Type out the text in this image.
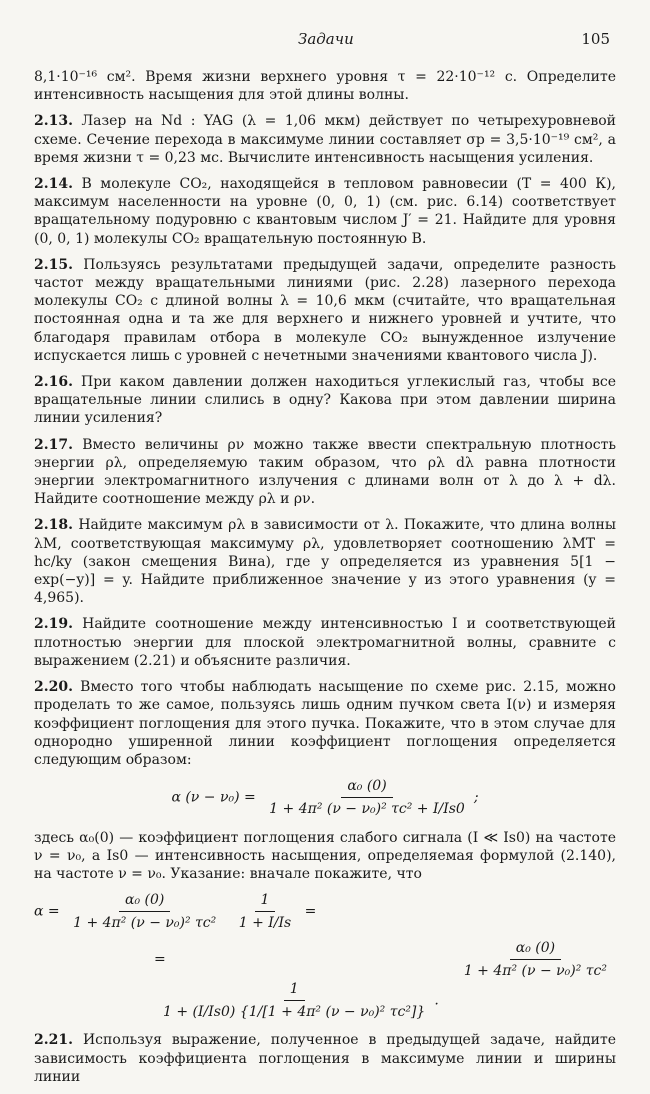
Задачи	105

8,1·10⁻¹⁶ см². Время жизни верхнего уровня τ = 22·10⁻¹² с. Определите интенсивность насыщения для этой длины волны.

2.13. Лазер на Nd : YAG (λ = 1,06 мкм) действует по четырехуровневой схеме. Сечение перехода в максимуме линии составляет σp = 3,5·10⁻¹⁹ см², а время жизни τ = 0,23 мс. Вычислите интенсивность насыщения усиления.

2.14. В молекуле CO₂, находящейся в тепловом равновесии (T = 400 К), максимум населенности на уровне (0, 0, 1) (см. рис. 6.14) соответствует вращательному подуровню с квантовым числом J′ = 21. Найдите для уровня (0, 0, 1) молекулы CO₂ вращательную постоянную B.

2.15. Пользуясь результатами предыдущей задачи, определите разность частот между вращательными линиями (рис. 2.28) лазерного перехода молекулы CO₂ с длиной волны λ = 10,6 мкм (считайте, что вращательная постоянная одна и та же для верхнего и нижнего уровней и учтите, что благодаря правилам отбора в молекуле CO₂ вынужденное излучение испускается лишь с уровней с нечетными значениями квантового числа J).

2.16. При каком давлении должен находиться углекислый газ, чтобы все вращательные линии слились в одну? Какова при этом давлении ширина линии усиления?

2.17. Вместо величины ρν можно также ввести спектральную плотность энергии ρλ, определяемую таким образом, что ρλ dλ равна плотности энергии электромагнитного излучения с длинами волн от λ до λ + dλ. Найдите соотношение между ρλ и ρν.

2.18. Найдите максимум ρλ в зависимости от λ. Покажите, что длина волны λM, соответствующая максимуму ρλ, удовлетворяет соотношению λMT = hc/ky (закон смещения Вина), где y определяется из уравнения 5[1 − exp(−y)] = y. Найдите приближенное значение y из этого уравнения (y = 4,965).

2.19. Найдите соотношение между интенсивностью I и соответствующей плотностью энергии для плоской электромагнитной волны, сравните с выражением (2.21) и объясните различия.

2.20. Вместо того чтобы наблюдать насыщение по схеме рис. 2.15, можно проделать то же самое, пользуясь лишь одним пучком света I(ν) и измеряя коэффициент поглощения для этого пучка. Покажите, что в этом случае для однородно уширенной линии коэффициент поглощения определяется следующим образом:

α $(\nu - \nu_0) = \frac{\text{α₀ (0)}}{\text{1 + 4π² (ν − ν₀)² τc² + I/Is0}}$ ;

здесь α₀(0) — коэффициент поглощения слабого сигнала (I ≪ Is0) на частоте ν = ν₀, а Is0 — интенсивность насыщения, определяемая формулой (2.140), на частоте ν = ν₀. Указание: вначале покажите, что

$\alpha = \frac{\text{α₀ (0)}}{\text{1 + 4π² (ν − ν₀)² τc²}}$
$\frac{1}{1 + I/Is}$ =
=	$\frac{\text{α₀ (0)}}{\text{1 + 4π² (ν − ν₀)² τc²}}$

$\frac{1}{\text{1 + (I/Is0) \{1/[1 + 4π² (ν − ν₀)² τc²]\}}}$ .

2.21. Используя выражение, полученное в предыдущей задаче, найдите зависимость коэффициента поглощения в максимуме линии и ширины линии
